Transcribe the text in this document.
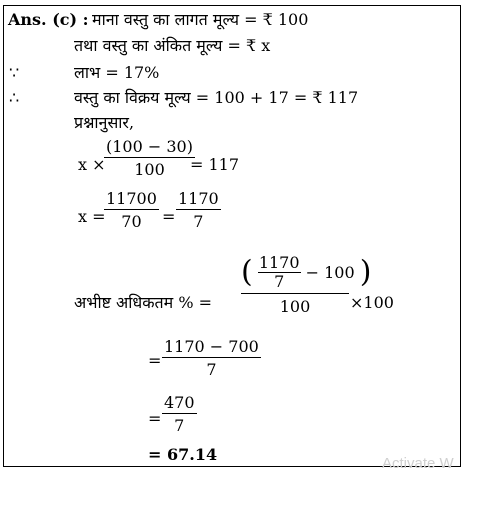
Ans. (c) : माना वस्तु का लागत मूल्य = ₹ 100
तथा वस्तु का अंकित मूल्य = ₹ x
∵	लाभ = 17%
∴	वस्तु का विक्रय मूल्य = 100 + 17 = ₹ 117
प्रश्नानुसार,
x ×
$\frac{(100 - 30)}{100}$
= 117
x =
$\frac{11700}{70} = \frac{1170}{7}$
अभीष्ट अधिकतम % = $\frac{( \frac{1170}{7} - 100 )}{100} \times 100$
= $\frac{1170 - 700}{7}$
= $\frac{470}{7}$
= 67.14	Activate W
